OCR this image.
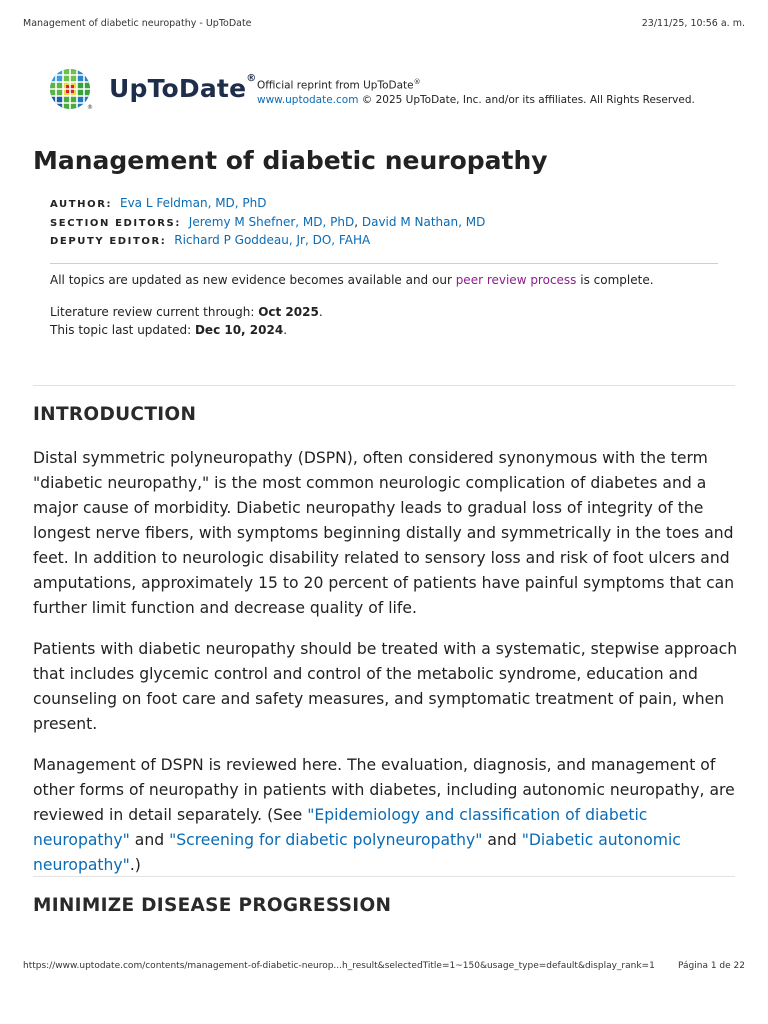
Management of diabetic neuropathy - UpToDate	23/11/25, 10:56 a. m.
®
UpToDate®
Official reprint from UpToDate®
www.uptodate.com © 2025 UpToDate, Inc. and/or its affiliates. All Rights Reserved.
Management of diabetic neuropathy
AUTHOR: Eva L Feldman, MD, PhD
SECTION EDITORS: Jeremy M Shefner, MD, PhD, David M Nathan, MD
DEPUTY EDITOR: Richard P Goddeau, Jr, DO, FAHA
All topics are updated as new evidence becomes available and our peer review process is complete.
Literature review current through: Oct 2025.
This topic last updated: Dec 10, 2024.
INTRODUCTION
Distal symmetric polyneuropathy (DSPN), often considered synonymous with the term "diabetic neuropathy," is the most common neurologic complication of diabetes and a major cause of morbidity. Diabetic neuropathy leads to gradual loss of integrity of the longest nerve fibers, with symptoms beginning distally and symmetrically in the toes and feet. In addition to neurologic disability related to sensory loss and risk of foot ulcers and amputations, approximately 15 to 20 percent of patients have painful symptoms that can further limit function and decrease quality of life.
Patients with diabetic neuropathy should be treated with a systematic, stepwise approach that includes glycemic control and control of the metabolic syndrome, education and counseling on foot care and safety measures, and symptomatic treatment of pain, when present.
Management of DSPN is reviewed here. The evaluation, diagnosis, and management of other forms of neuropathy in patients with diabetes, including autonomic neuropathy, are reviewed in detail separately. (See "Epidemiology and classification of diabetic neuropathy" and "Screening for diabetic polyneuropathy" and "Diabetic autonomic neuropathy".)
MINIMIZE DISEASE PROGRESSION
https://www.uptodate.com/contents/management-of-diabetic-neurop...h_result&selectedTitle=1~150&usage_type=default&display_rank=1	Página 1 de 22
